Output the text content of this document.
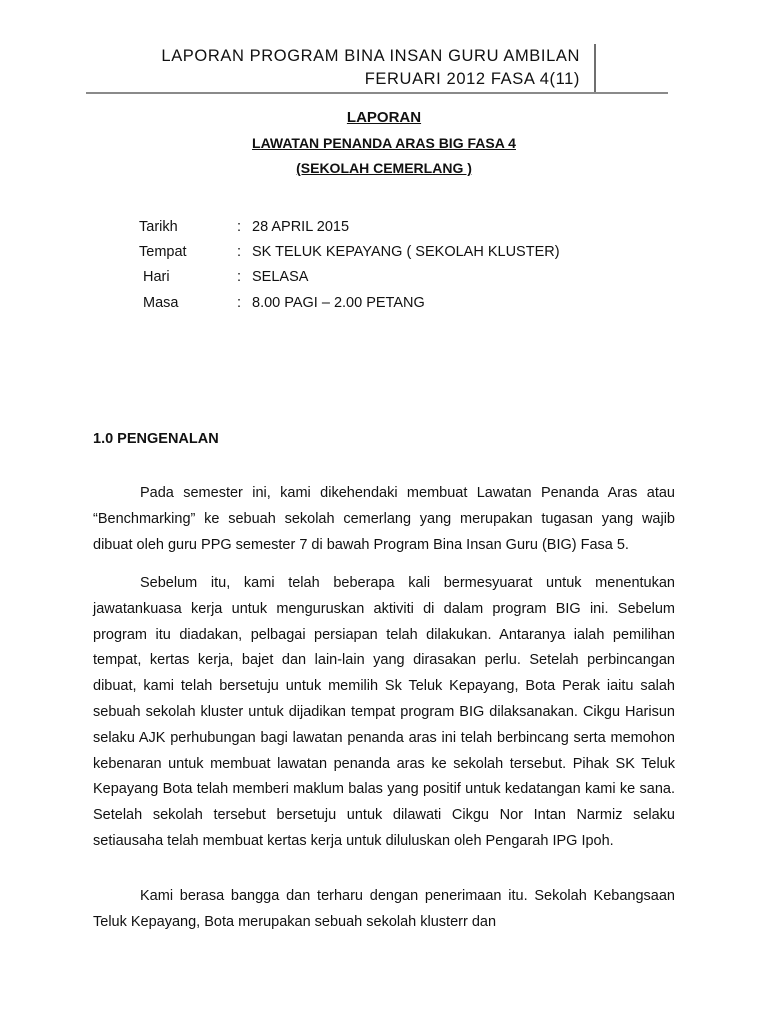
LAPORAN PROGRAM BINA INSAN GURU AMBILAN
FERUARI 2012 FASA 4(11)
LAPORAN
LAWATAN PENANDA ARAS BIG FASA 4
(SEKOLAH CEMERLANG )
Tarikh	: 28 APRIL 2015
Tempat	: SK TELUK KEPAYANG ( SEKOLAH KLUSTER)
Hari	: SELASA
Masa	: 8.00 PAGI – 2.00 PETANG
1.0 PENGENALAN

Pada semester ini, kami dikehendaki membuat Lawatan Penanda Aras atau “Benchmarking” ke sebuah sekolah cemerlang yang merupakan tugasan yang wajib dibuat oleh guru PPG semester 7 di bawah Program Bina Insan Guru (BIG) Fasa 5.

Sebelum itu, kami telah beberapa kali bermesyuarat untuk menentukan jawatankuasa kerja untuk menguruskan aktiviti di dalam program BIG ini. Sebelum program itu diadakan, pelbagai persiapan telah dilakukan. Antaranya ialah pemilihan tempat, kertas kerja, bajet dan lain-lain yang dirasakan perlu. Setelah perbincangan dibuat, kami telah bersetuju untuk memilih Sk Teluk Kepayang, Bota Perak iaitu salah sebuah sekolah kluster untuk dijadikan tempat program BIG dilaksanakan. Cikgu Harisun selaku AJK perhubungan bagi lawatan penanda aras ini telah berbincang serta memohon kebenaran untuk membuat lawatan penanda aras ke sekolah tersebut. Pihak SK Teluk Kepayang Bota telah memberi maklum balas yang positif untuk kedatangan kami ke sana. Setelah sekolah tersebut bersetuju untuk dilawati Cikgu Nor Intan Narmiz selaku setiausaha telah membuat kertas kerja untuk diluluskan oleh Pengarah IPG Ipoh.

Kami berasa bangga dan terharu dengan penerimaan itu. Sekolah Kebangsaan Teluk Kepayang, Bota merupakan sebuah sekolah klusterr dan
